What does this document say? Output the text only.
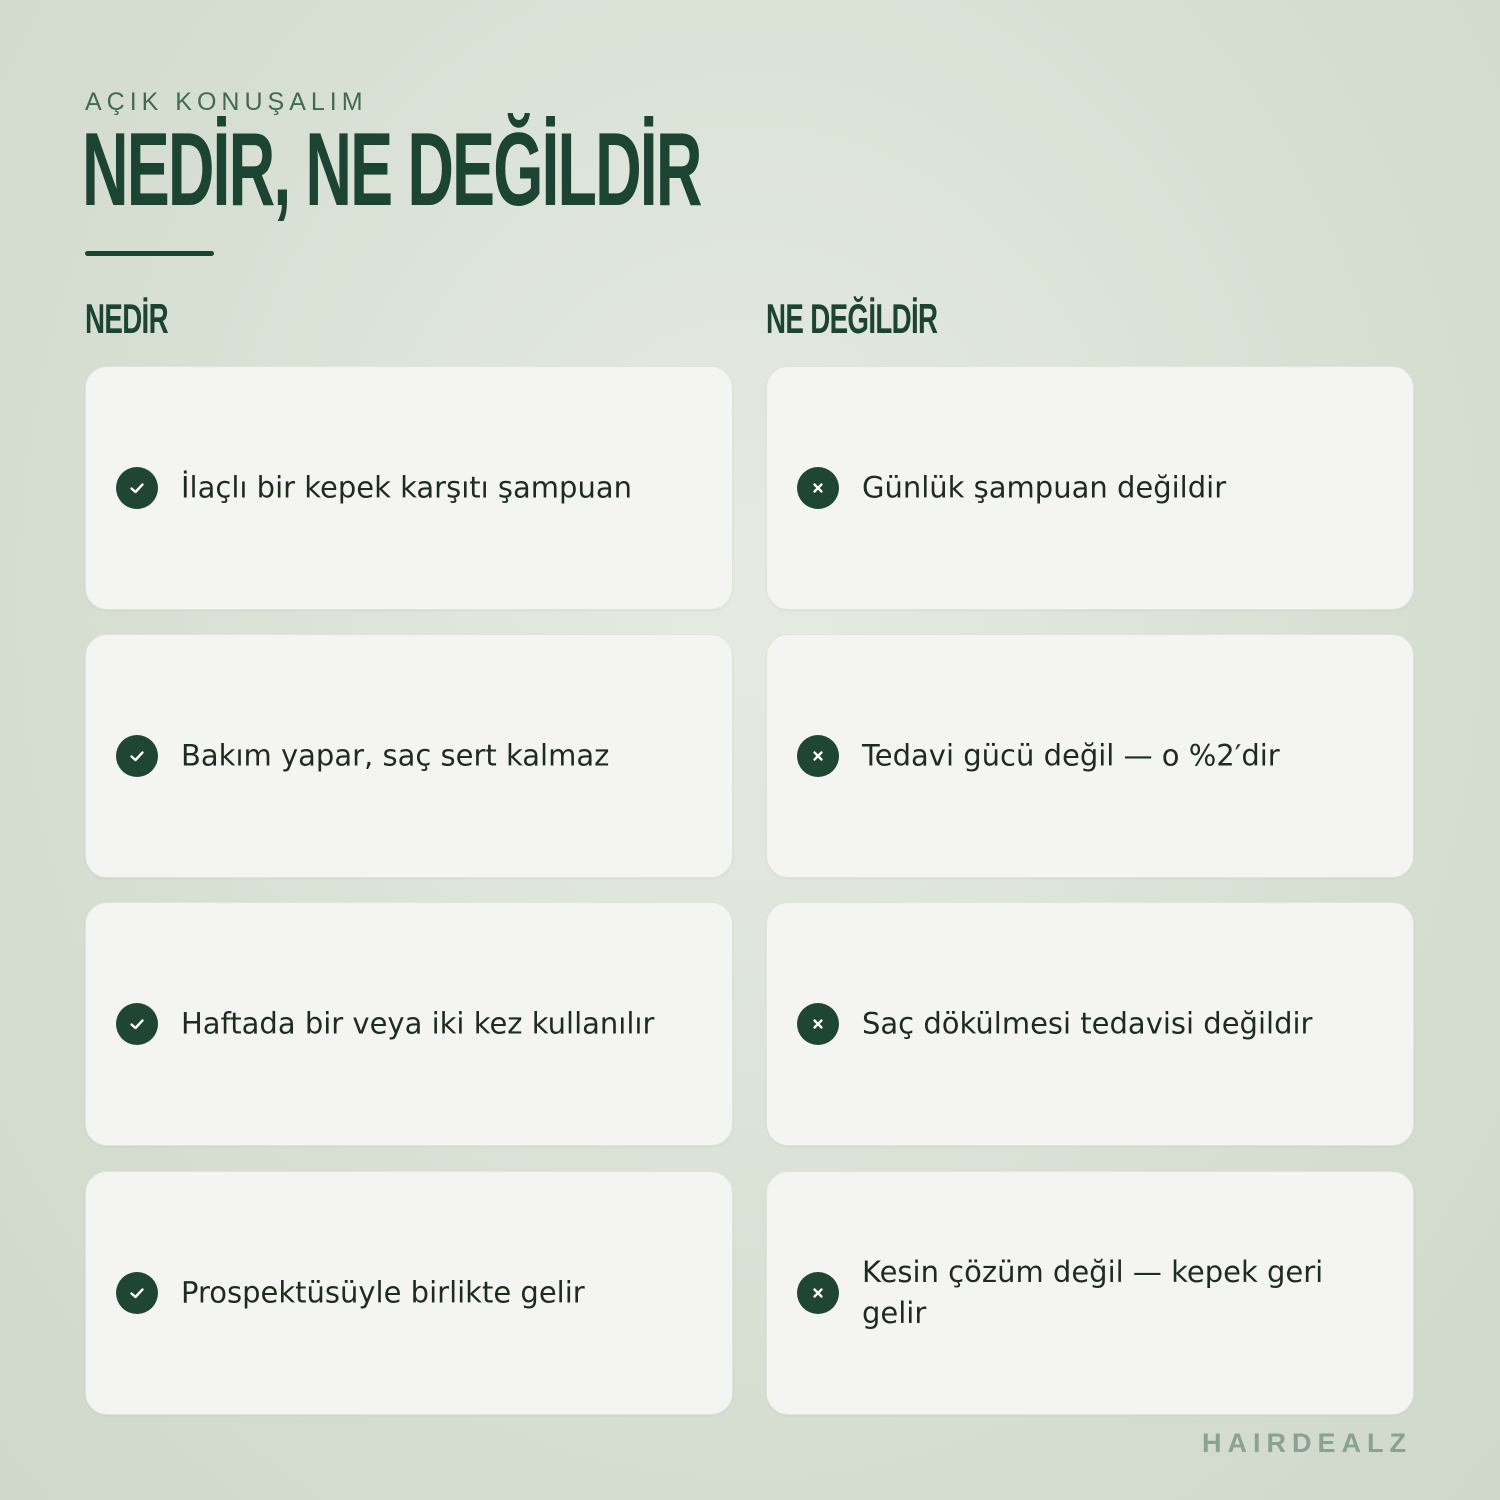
AÇIK KONUŞALIM
NEDİR, NE DEĞİLDİR
NEDİR	NE DEĞİLDİR
İlaçlı bir kepek karşıtı şampuan
Bakım yapar, saç sert kalmaz
Haftada bir veya iki kez kullanılır
Prospektüsüyle birlikte gelir
Günlük şampuan değildir
Tedavi gücü değil — o %2′dir
Saç dökülmesi tedavisi değildir
Kesin çözüm değil — kepek geri gelir
HAIRDEALZ
